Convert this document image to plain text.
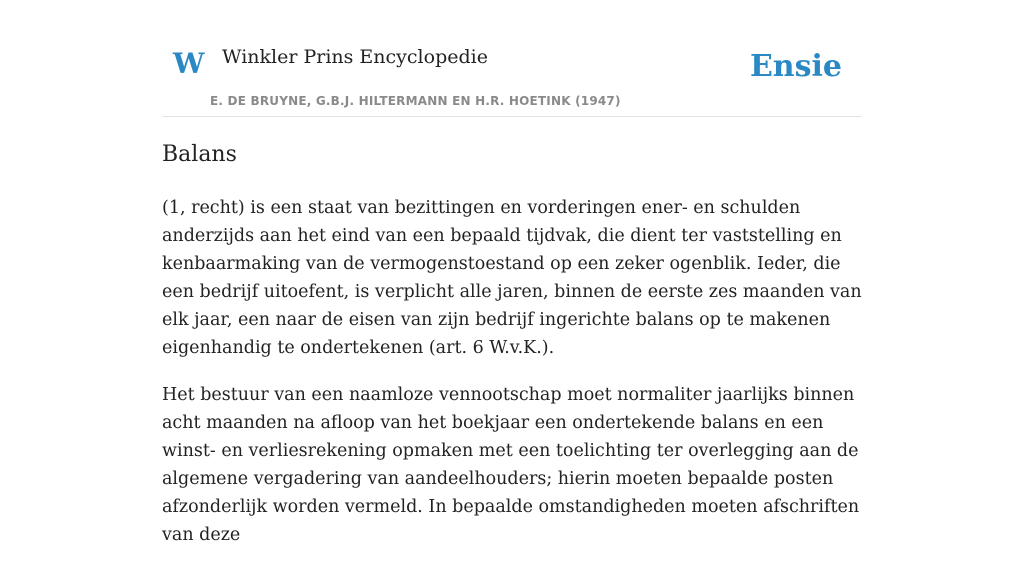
W Winkler Prins Encyclopedie
E. DE BRUYNE, G.B.J. HILTERMANN EN H.R. HOETINK (1947)
Ensie
Balans

(1, recht) is een staat van bezittingen en vorderingen ener- en schulden anderzijds aan het eind van een bepaald tijdvak, die dient ter vaststelling en kenbaarmaking van de vermogenstoestand op een zeker ogenblik. Ieder, die een bedrijf uitoefent, is verplicht alle jaren, binnen de eerste zes maanden van elk jaar, een naar de eisen van zijn bedrijf ingerichte balans op te makenen eigenhandig te ondertekenen (art. 6 W.v.K.).

Het bestuur van een naamloze vennootschap moet normaliter jaarlijks binnen acht maanden na afloop van het boekjaar een ondertekende balans en een winst- en verliesrekening opmaken met een toelichting ter overlegging aan de algemene vergadering van aandeelhouders; hierin moeten bepaalde posten afzonderlijk worden vermeld. In bepaalde omstandigheden moeten afschriften van deze
